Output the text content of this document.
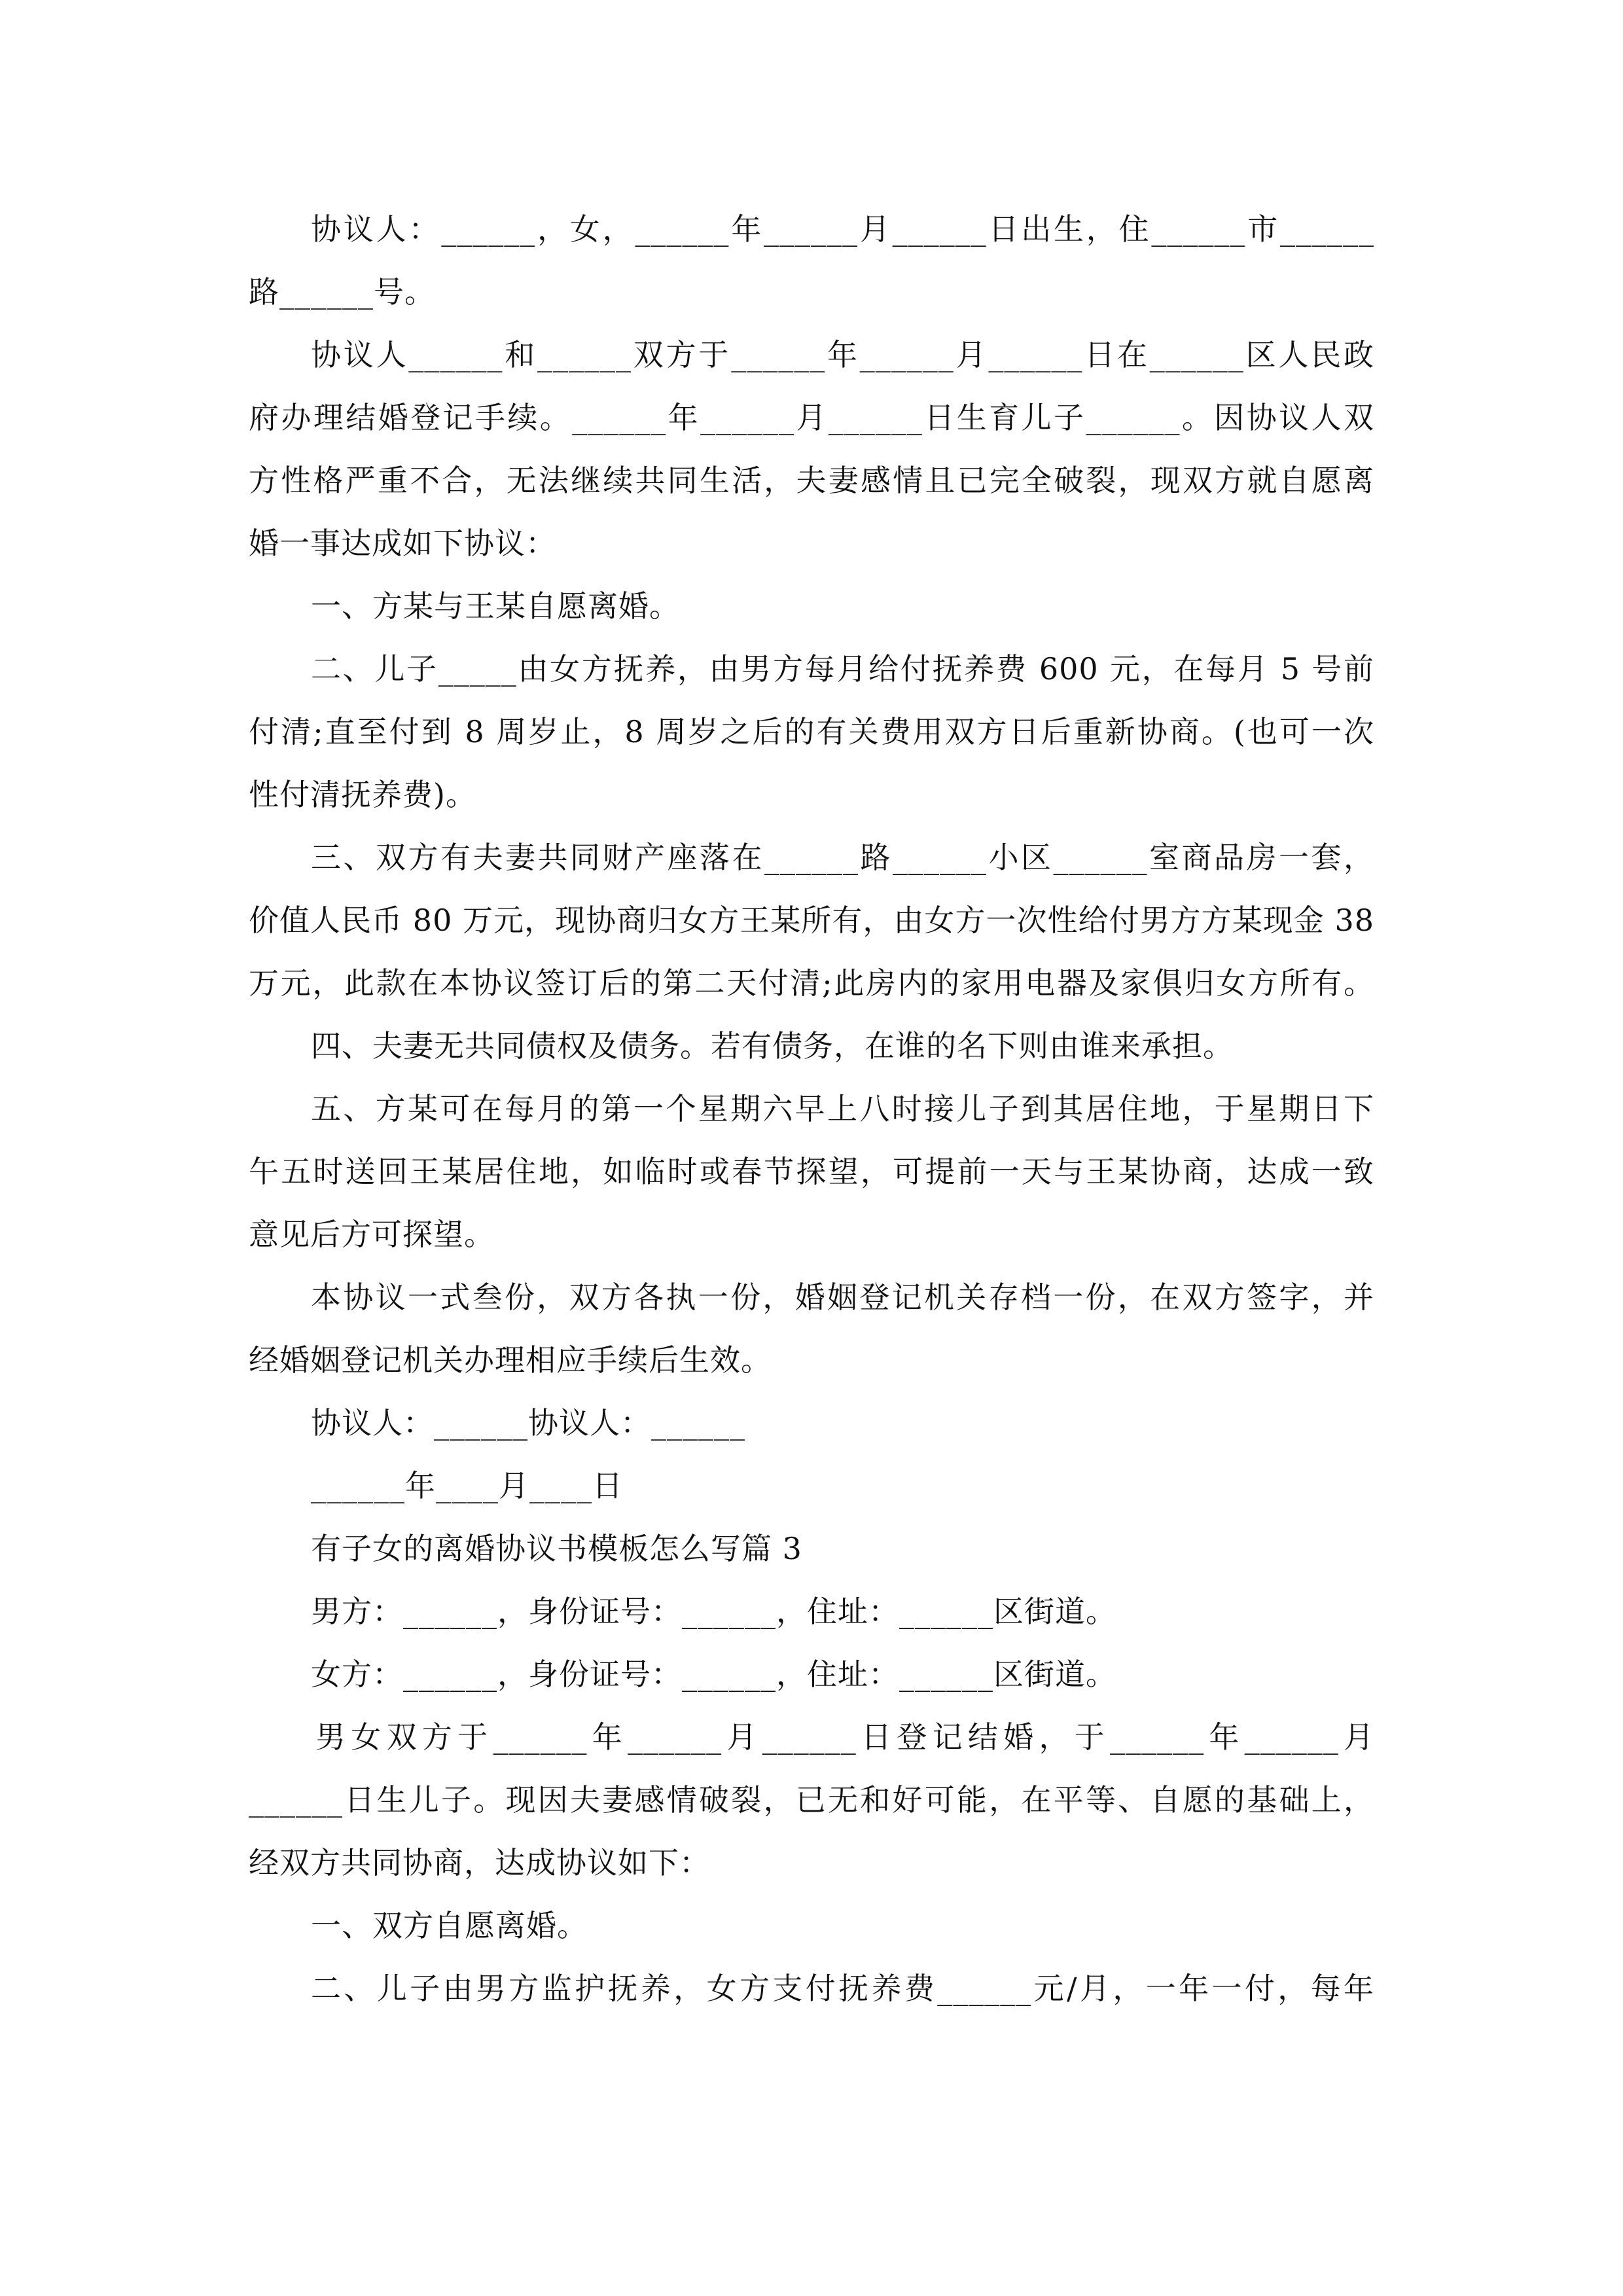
协议人：______，女，______年______月______日出生，住______市______
路______号。
协议人______和______双方于______年______月______日在______区人民政
府办理结婚登记手续。______年______月______日生育儿子______。因协议人双
方性格严重不合，无法继续共同生活，夫妻感情且已完全破裂，现双方就自愿离
婚一事达成如下协议：
一、方某与王某自愿离婚。
二、儿子_____由女方抚养，由男方每月给付抚养费 600 元，在每月 5 号前
付清;直至付到 8 周岁止，8 周岁之后的有关费用双方日后重新协商。(也可一次
性付清抚养费)。
三、双方有夫妻共同财产座落在______路______小区______室商品房一套，
价值人民币 80 万元，现协商归女方王某所有，由女方一次性给付男方方某现金 38
万元，此款在本协议签订后的第二天付清;此房内的家用电器及家俱归女方所有。
四、夫妻无共同债权及债务。若有债务，在谁的名下则由谁来承担。
五、方某可在每月的第一个星期六早上八时接儿子到其居住地，于星期日下
午五时送回王某居住地，如临时或春节探望，可提前一天与王某协商，达成一致
意见后方可探望。
本协议一式叁份，双方各执一份，婚姻登记机关存档一份，在双方签字，并
经婚姻登记机关办理相应手续后生效。
协议人：______协议人：______
______年____月____日
有子女的离婚协议书模板怎么写篇 3
男方：______，身份证号：______，住址：______区街道。
女方：______，身份证号：______，住址：______区街道。
男女双方于______年______月______日登记结婚，于______年______月
______日生儿子。现因夫妻感情破裂，已无和好可能，在平等、自愿的基础上，
经双方共同协商，达成协议如下：
一、双方自愿离婚。
二、儿子由男方监护抚养，女方支付抚养费______元/月，一年一付，每年
